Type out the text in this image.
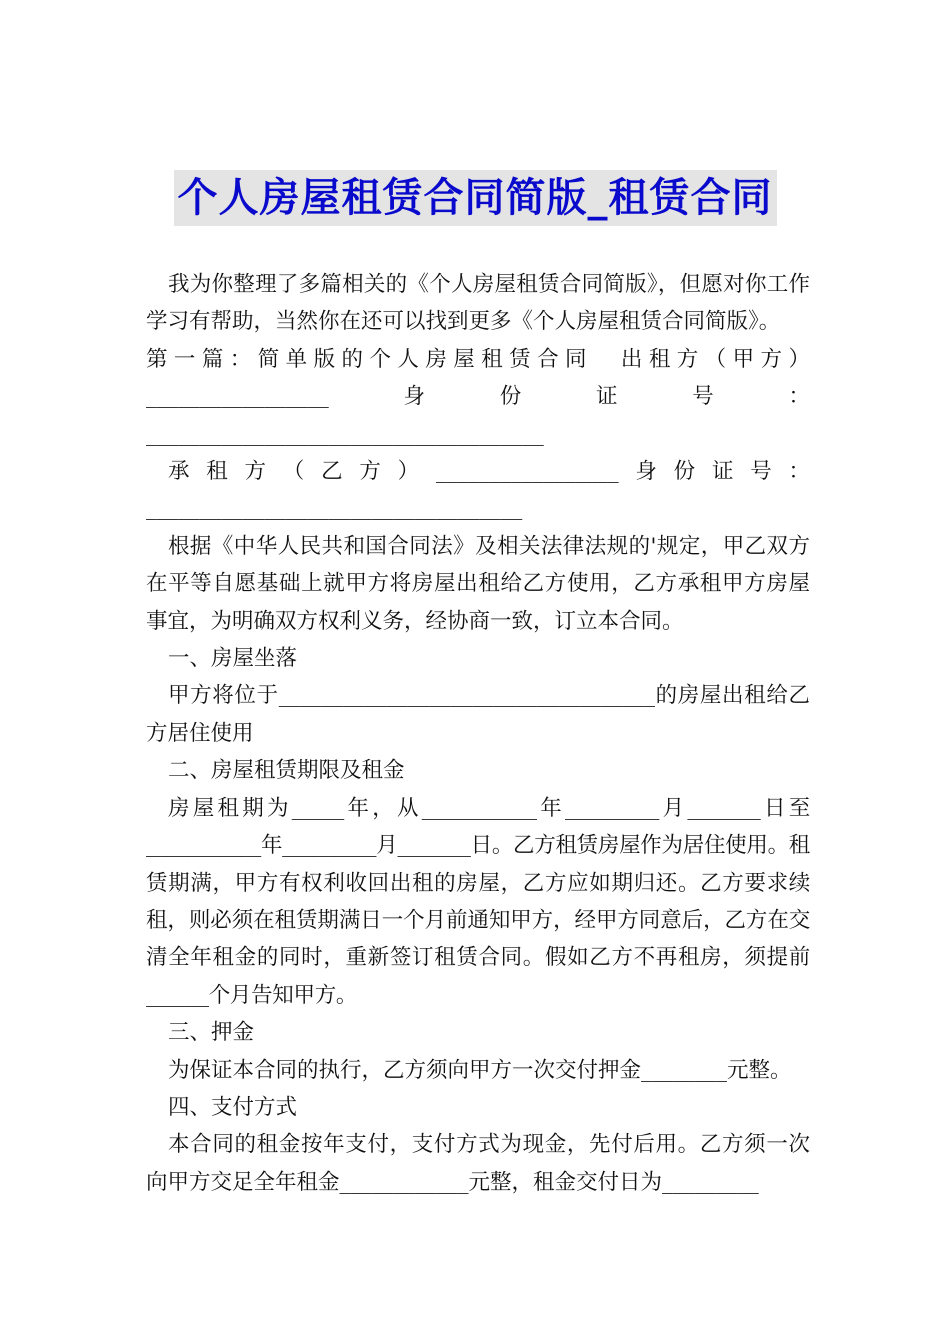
个人房屋租赁合同简版_租赁合同

我为你整理了多篇相关的《个人房屋租赁合同简版》，但愿对你工作学习有帮助，当然你在还可以找到更多《个人房屋租赁合同简版》。

第一篇：简单版的个人房屋租赁合同　出租方（甲方）_________________身份证号：_____________________________________

承租方（乙方）_________________身份证号：___________________________________

根据《中华人民共和国合同法》及相关法律法规的'规定，甲乙双方在平等自愿基础上就甲方将房屋出租给乙方使用，乙方承租甲方房屋事宜，为明确双方权利义务，经协商一致，订立本合同。

一、房屋坐落

甲方将位于___________________________________的房屋出租给乙方居住使用

二、房屋租赁期限及租金

房屋租期为_____年，从___________年_________月_______日至___________年_________月_______日。乙方租赁房屋作为居住使用。租赁期满，甲方有权利收回出租的房屋，乙方应如期归还。乙方要求续租，则必须在租赁期满日一个月前通知甲方，经甲方同意后，乙方在交清全年租金的同时，重新签订租赁合同。假如乙方不再租房，须提前______个月告知甲方。

三、押金

为保证本合同的执行，乙方须向甲方一次交付押金________元整。

四、支付方式

本合同的租金按年支付，支付方式为现金，先付后用。乙方须一次向甲方交足全年租金____________元整，租金交付日为_________
